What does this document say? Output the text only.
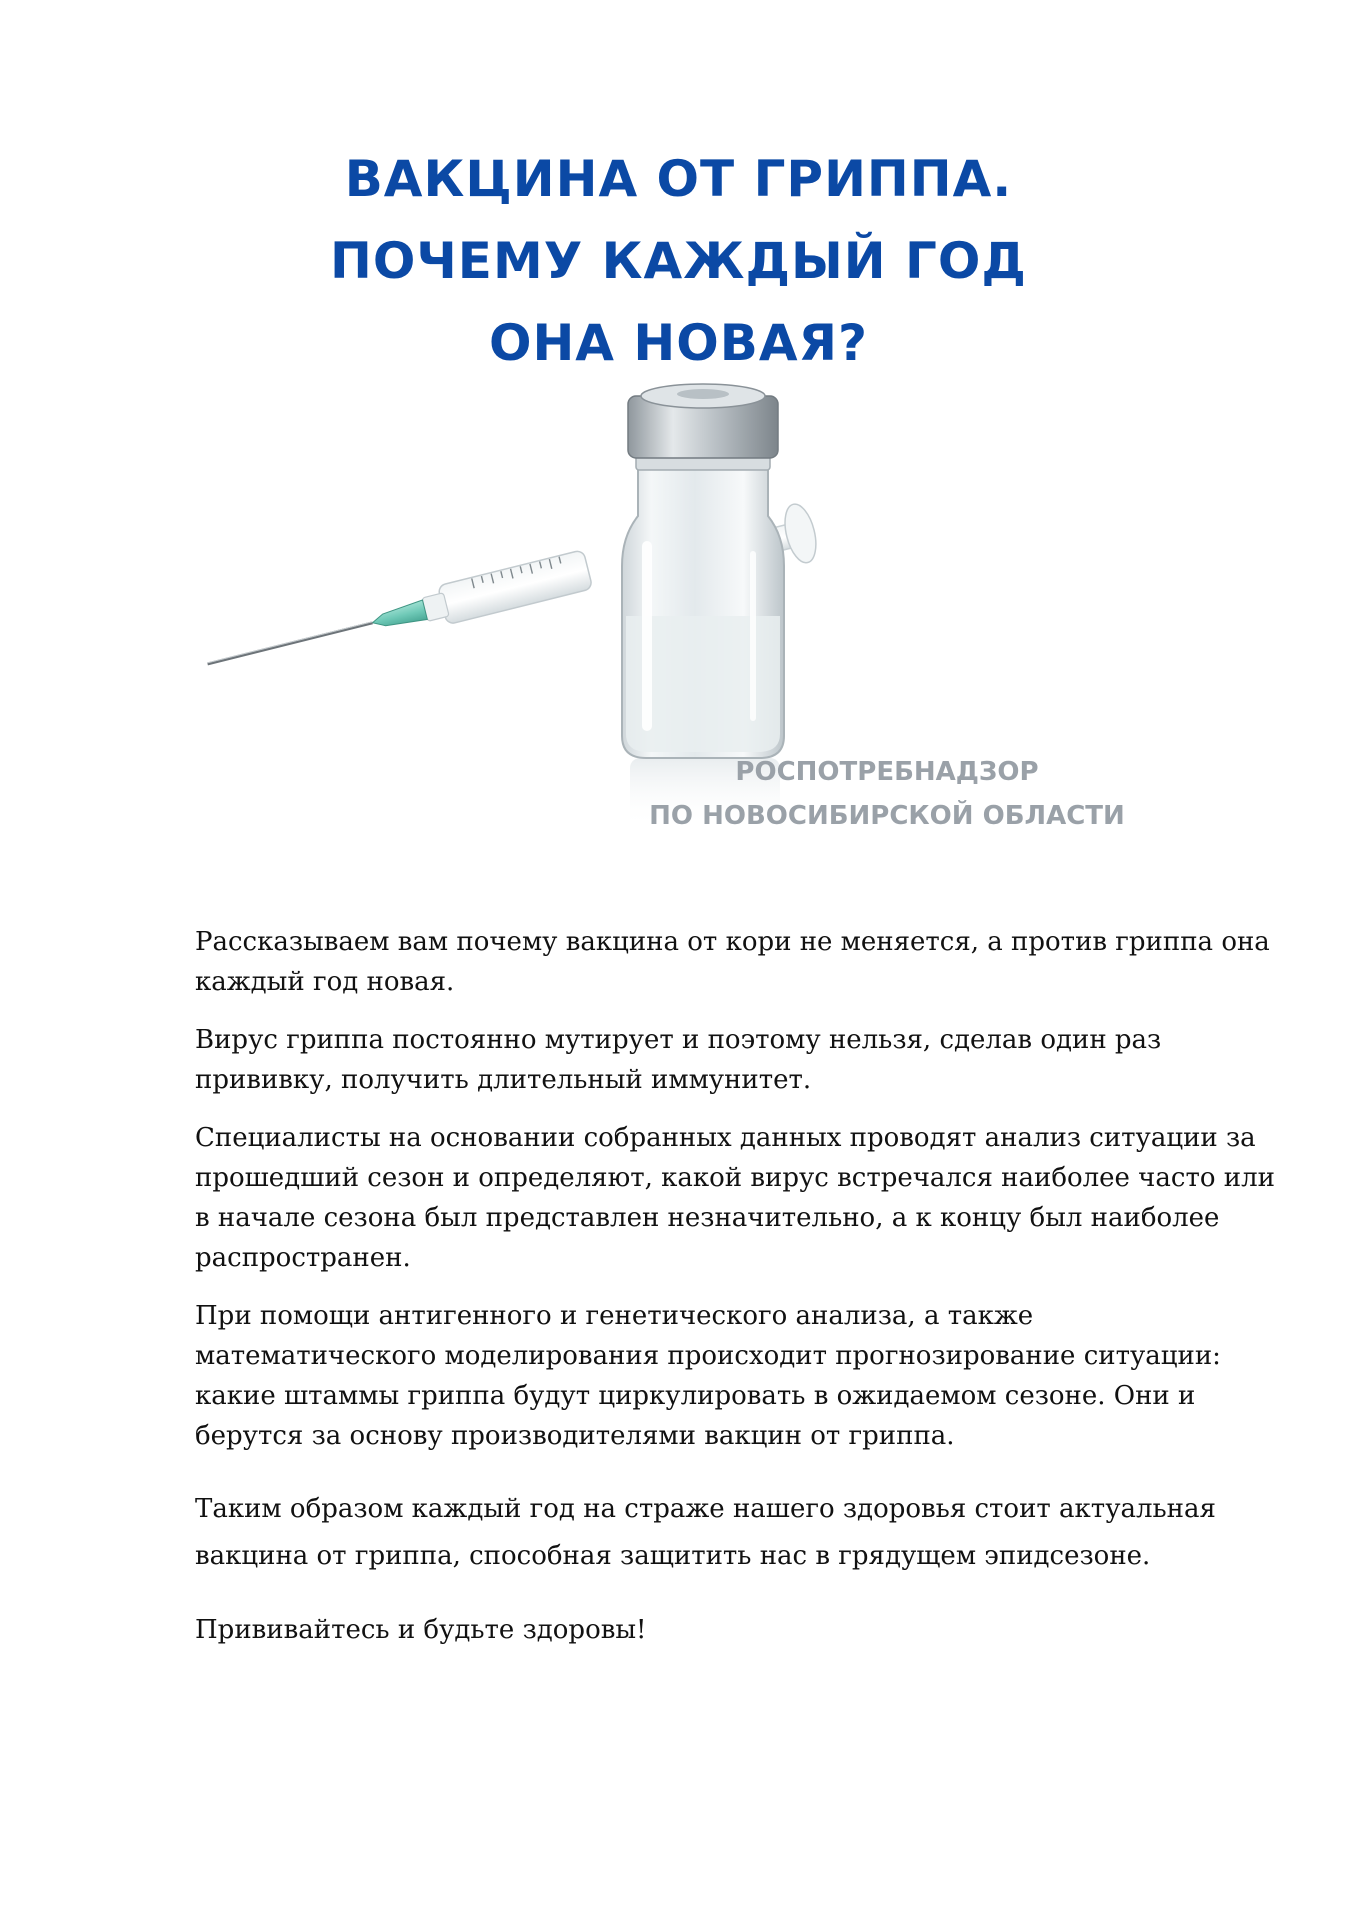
ВАКЦИНА ОТ ГРИППА.
ПОЧЕМУ КАЖДЫЙ ГОД
ОНА НОВАЯ?
РОСПОТРЕБНАДЗОР
ПО НОВОСИБИРСКОЙ ОБЛАСТИ

Рассказываем вам почему вакцина от кори не меняется, а против гриппа она каждый год новая.

Вирус гриппа постоянно мутирует и поэтому нельзя, сделав один раз прививку, получить длительный иммунитет.

Специалисты на основании собранных данных проводят анализ ситуации за прошедший сезон и определяют, какой вирус встречался наиболее часто или в начале сезона был представлен незначительно, а к концу был наиболее распространен.

При помощи антигенного и генетического анализа, а также математического моделирования происходит прогнозирование ситуации: какие штаммы гриппа будут циркулировать в ожидаемом сезоне. Они и берутся за основу производителями вакцин от гриппа.

Таким образом каждый год на страже нашего здоровья стоит актуальная вакцина от гриппа, способная защитить нас в грядущем эпидсезоне.

Прививайтесь и будьте здоровы!
